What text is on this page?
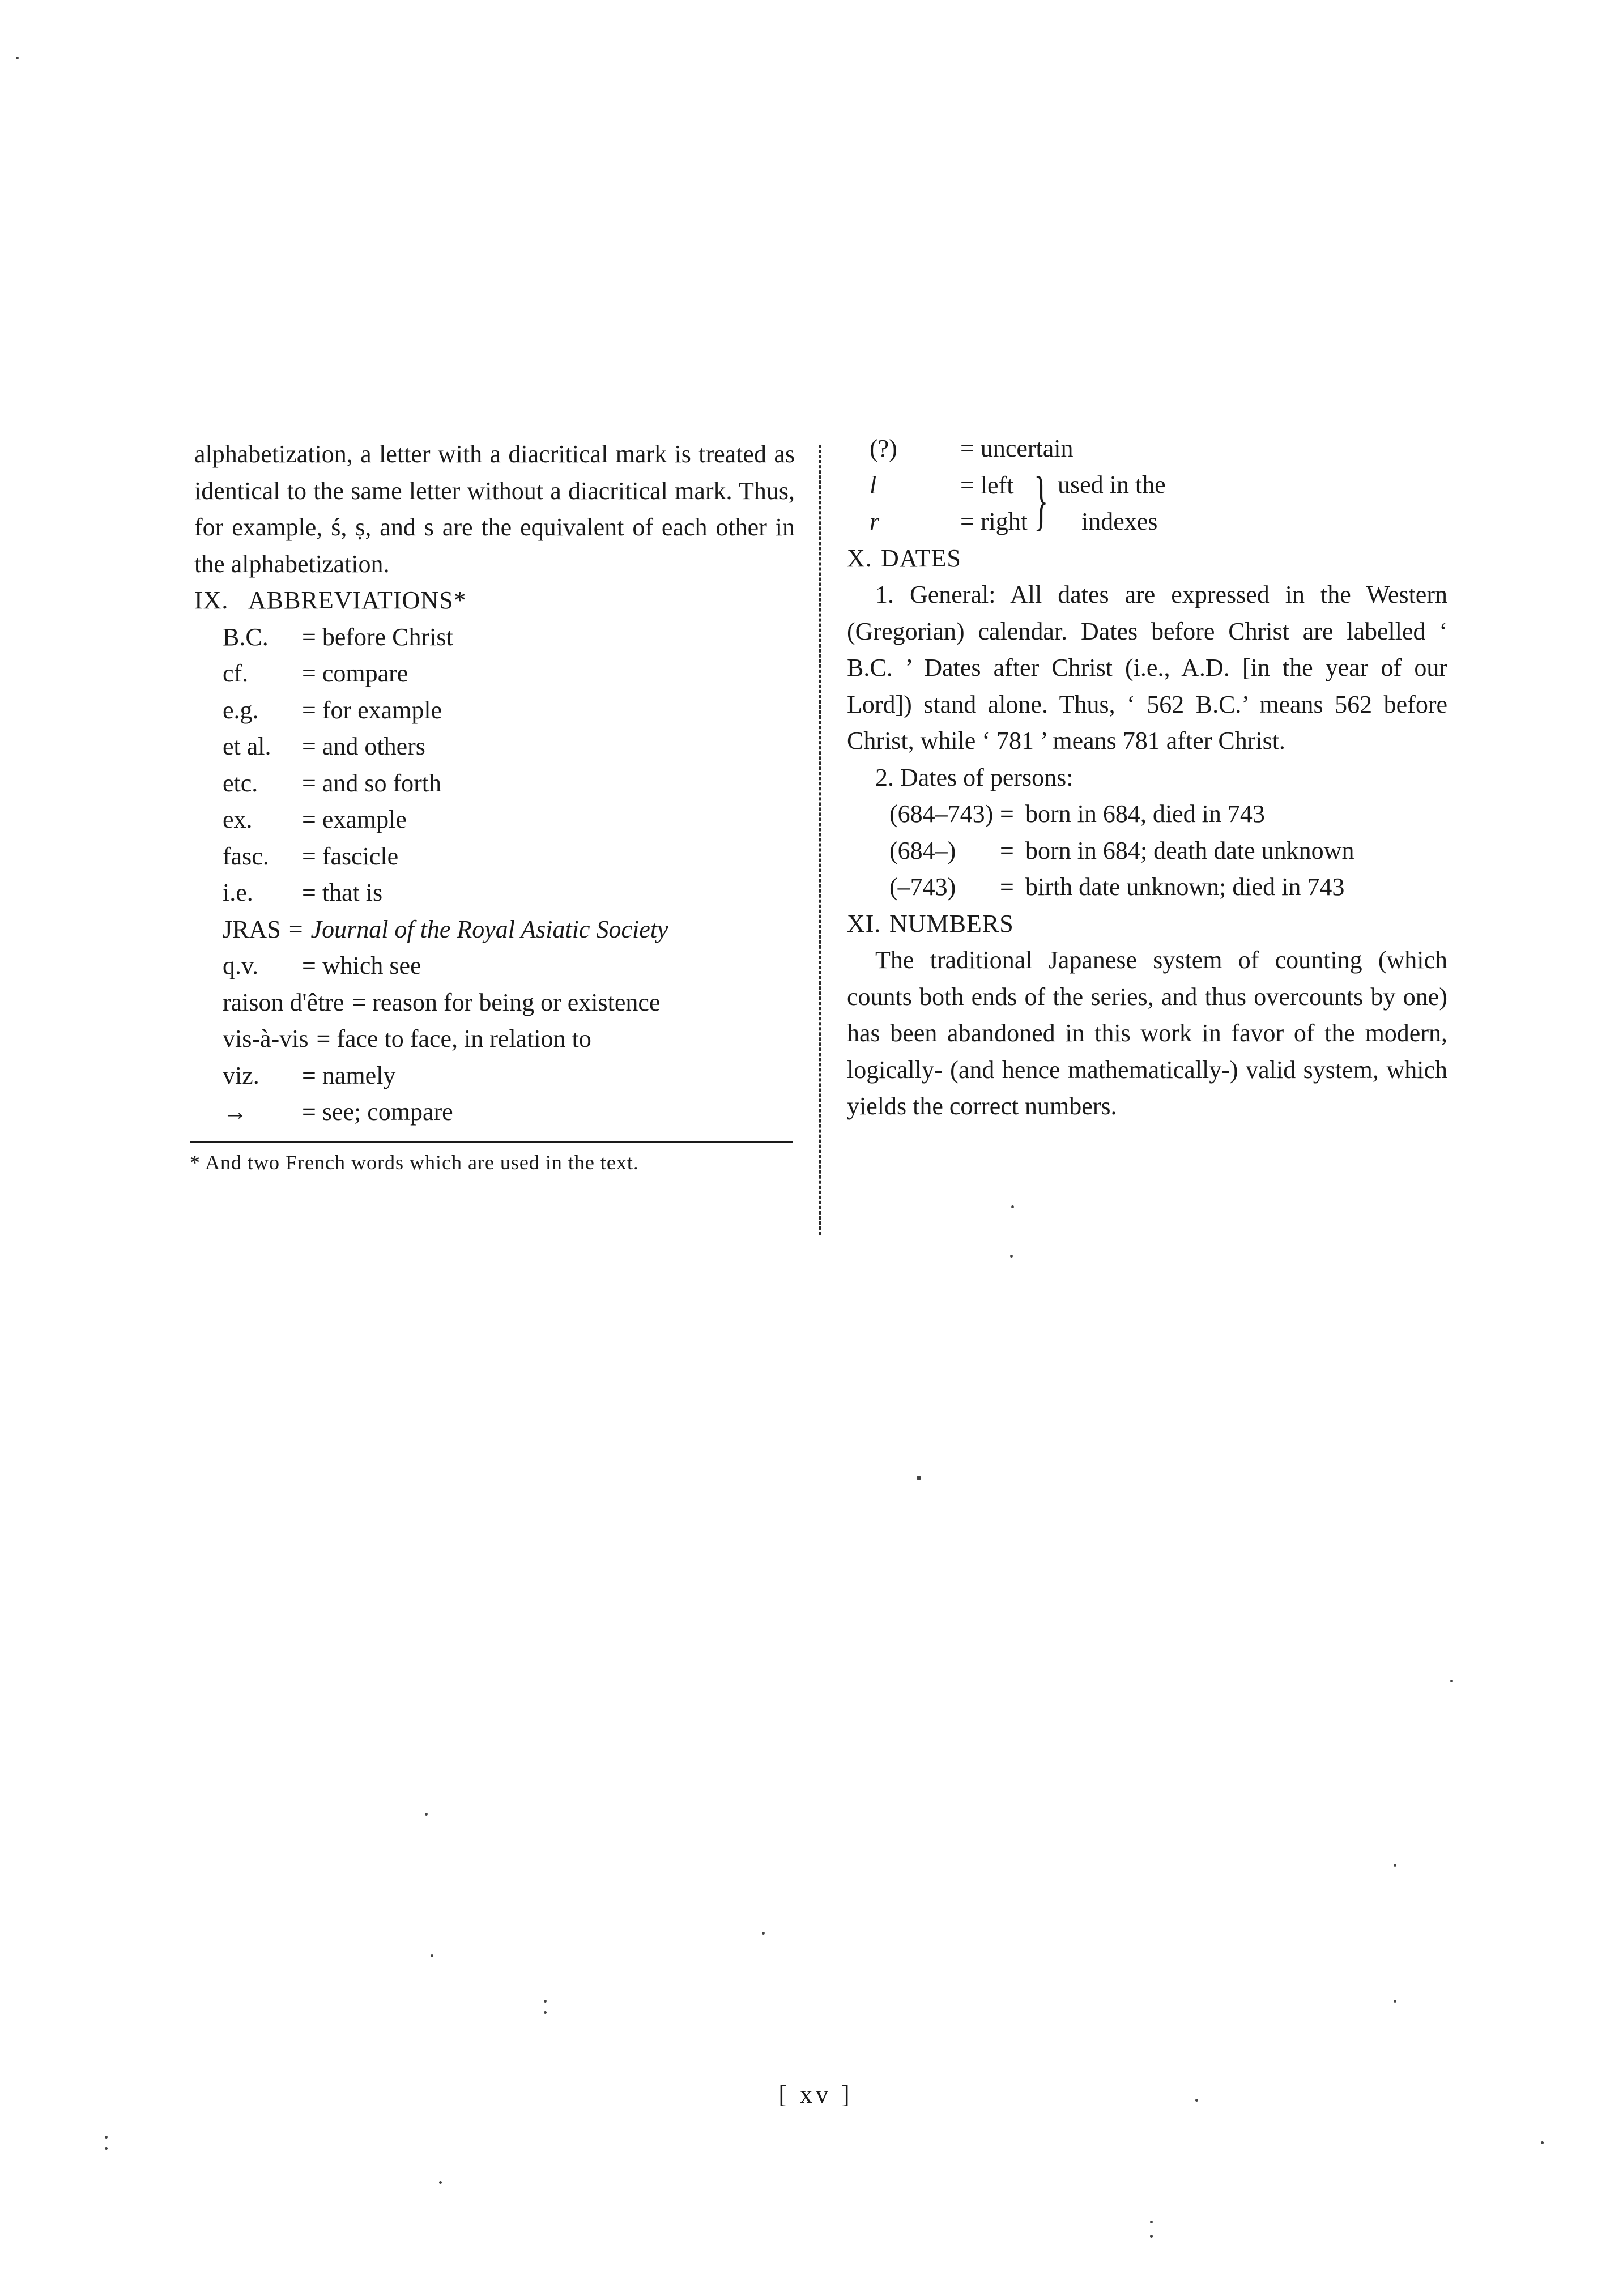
alphabetization, a letter with a diacritical mark is treated as identical to the same letter without a diacritical mark. Thus, for example, ś, ṣ, and s are the equivalent of each other in the alphabetization.

IX. ABBREVIATIONS*

B.C.	= before Christ
cf.	= compare
e.g.	= for example
et al.	= and others
etc.	= and so forth
ex.	= example
fasc.	= fascicle
i.e.	= that is
JRAS = Journal of the Royal Asiatic Society
q.v.	= which see
raison d'être = reason for being or existence
vis-à-vis = face to face, in relation to
viz.	= namely
→	= see; compare

* And two French words which are used in the text.

(?)	= uncertain
l	= left
r	= right } used in the
indexes

X. DATES

1. General: All dates are expressed in the Western (Gregorian) calendar. Dates before Christ are labelled ‘ B.C. ’ Dates after Christ (i.e., A.D. [in the year of our Lord]) stand alone. Thus, ‘ 562 B.C.’ means 562 before Christ, while ‘ 781 ’ means 781 after Christ.

2. Dates of persons:

(684–743) = born in 684, died in 743
(684–)	= born in 684; death date unknown
(–743)	= birth date unknown; died in 743

XI. NUMBERS

The traditional Japanese system of counting (which counts both ends of the series, and thus overcounts by one) has been abandoned in this work in favor of the modern, logically- (and hence mathematically-) valid system, which yields the correct numbers.

[ xv ]
